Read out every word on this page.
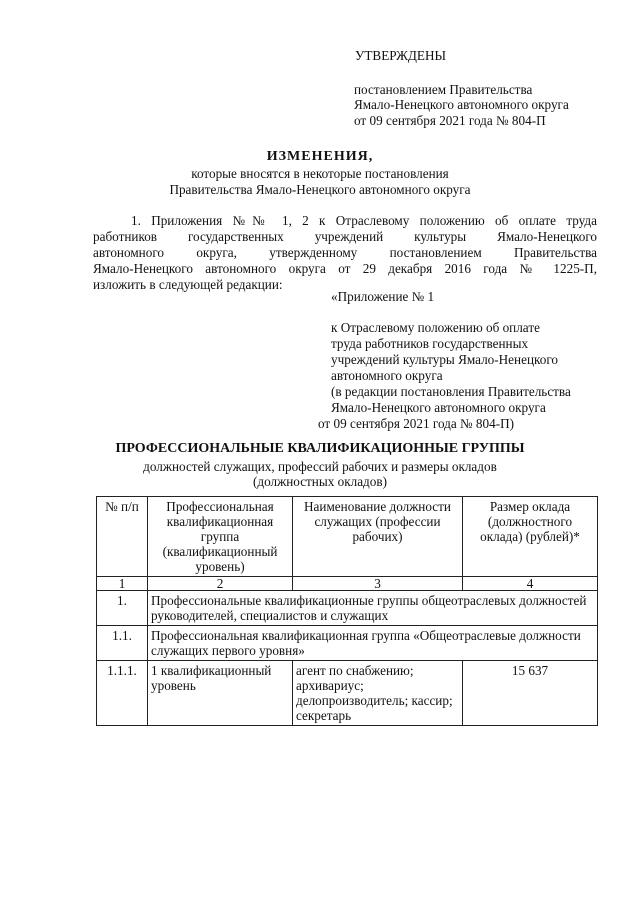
УТВЕРЖДЕНЫ
постановлением Правительства
Ямало-Ненецкого автономного округа
от 09 сентября 2021 года № 804-П
ИЗМЕНЕНИЯ,
которые вносятся в некоторые постановления
Правительства Ямало-Ненецкого автономного округа
1. Приложения №№ 1, 2 к Отраслевому положению об оплате труда
работников государственных учреждений культуры Ямало-Ненецкого
автономного округа, утвержденному постановлением Правительства
Ямало-Ненецкого автономного округа от 29 декабря 2016 года № 1225-П,
изложить в следующей редакции:
«Приложение № 1
к Отраслевому положению об оплате
труда работников государственных
учреждений культуры Ямало-Ненецкого
автономного округа
(в редакции постановления Правительства
Ямало-Ненецкого автономного округа
от 09 сентября 2021 года № 804-П)
ПРОФЕССИОНАЛЬНЫЕ КВАЛИФИКАЦИОННЫЕ ГРУППЫ
должностей служащих, профессий рабочих и размеры окладов
(должностных окладов)
№ п/п	Профессиональная квалификационная группа (квалификационный уровень)	Наименование должности служащих (профессии рабочих)	Размер оклада (должностного оклада) (рублей)*
1	2	3	4
1.	Профессиональные квалификационные группы общеотраслевых должностей руководителей, специалистов и служащих		
1.1.	Профессиональная квалификационная группа «Общеотраслевые должности служащих первого уровня»		
1.1.1.	1 квалификационный уровень	агент по снабжению; архивариус; делопроизводитель; кассир; секретарь	15 637
